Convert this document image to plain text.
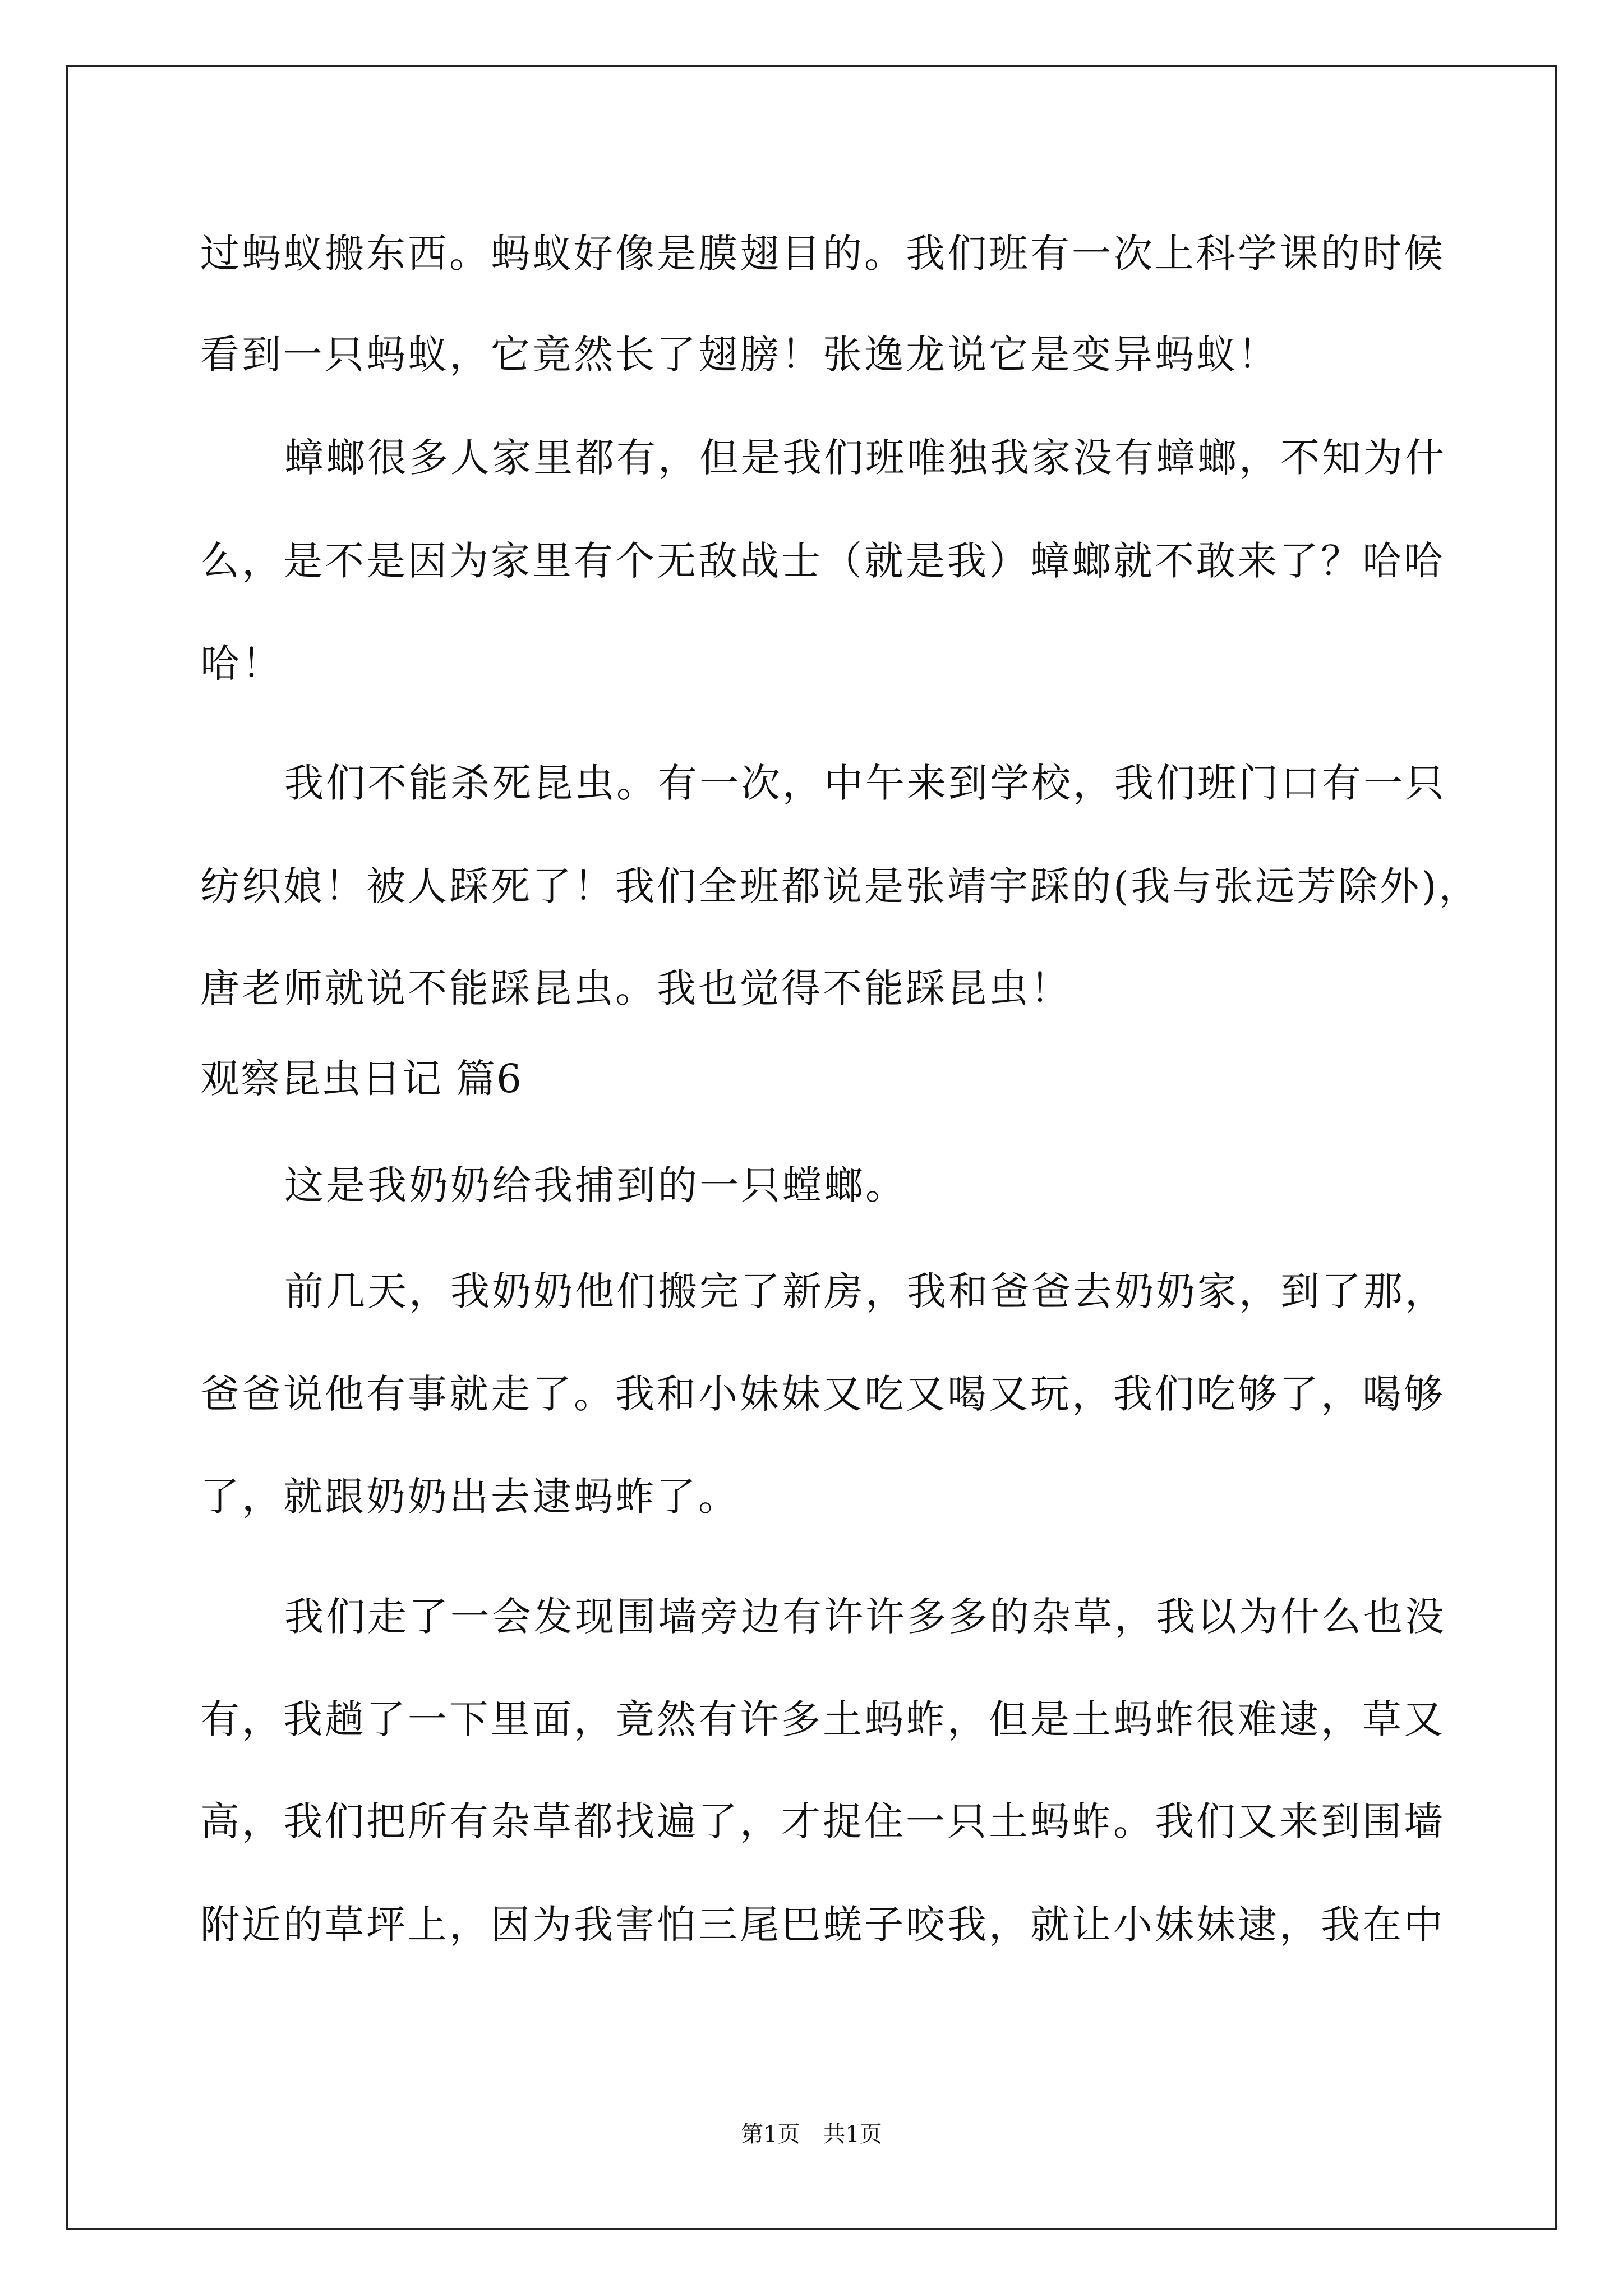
过蚂蚁搬东西。蚂蚁好像是膜翅目的。我们班有一次上科学课的时候
看到一只蚂蚁，它竟然长了翅膀！张逸龙说它是变异蚂蚁！
蟑螂很多人家里都有，但是我们班唯独我家没有蟑螂，不知为什
么，是不是因为家里有个无敌战士（就是我）蟑螂就不敢来了？哈哈
哈！
我们不能杀死昆虫。有一次，中午来到学校，我们班门口有一只
纺织娘！被人踩死了！我们全班都说是张靖宇踩的(我与张远芳除外)，
唐老师就说不能踩昆虫。我也觉得不能踩昆虫！
观察昆虫日记 篇6
这是我奶奶给我捕到的一只螳螂。
前几天，我奶奶他们搬完了新房，我和爸爸去奶奶家，到了那，
爸爸说他有事就走了。我和小妹妹又吃又喝又玩，我们吃够了，喝够
了，就跟奶奶出去逮蚂蚱了。
我们走了一会发现围墙旁边有许许多多的杂草，我以为什么也没
有，我趟了一下里面，竟然有许多土蚂蚱，但是土蚂蚱很难逮，草又
高，我们把所有杂草都找遍了，才捉住一只土蚂蚱。我们又来到围墙
附近的草坪上，因为我害怕三尾巴蜣子咬我，就让小妹妹逮，我在中
第1页 共1页
